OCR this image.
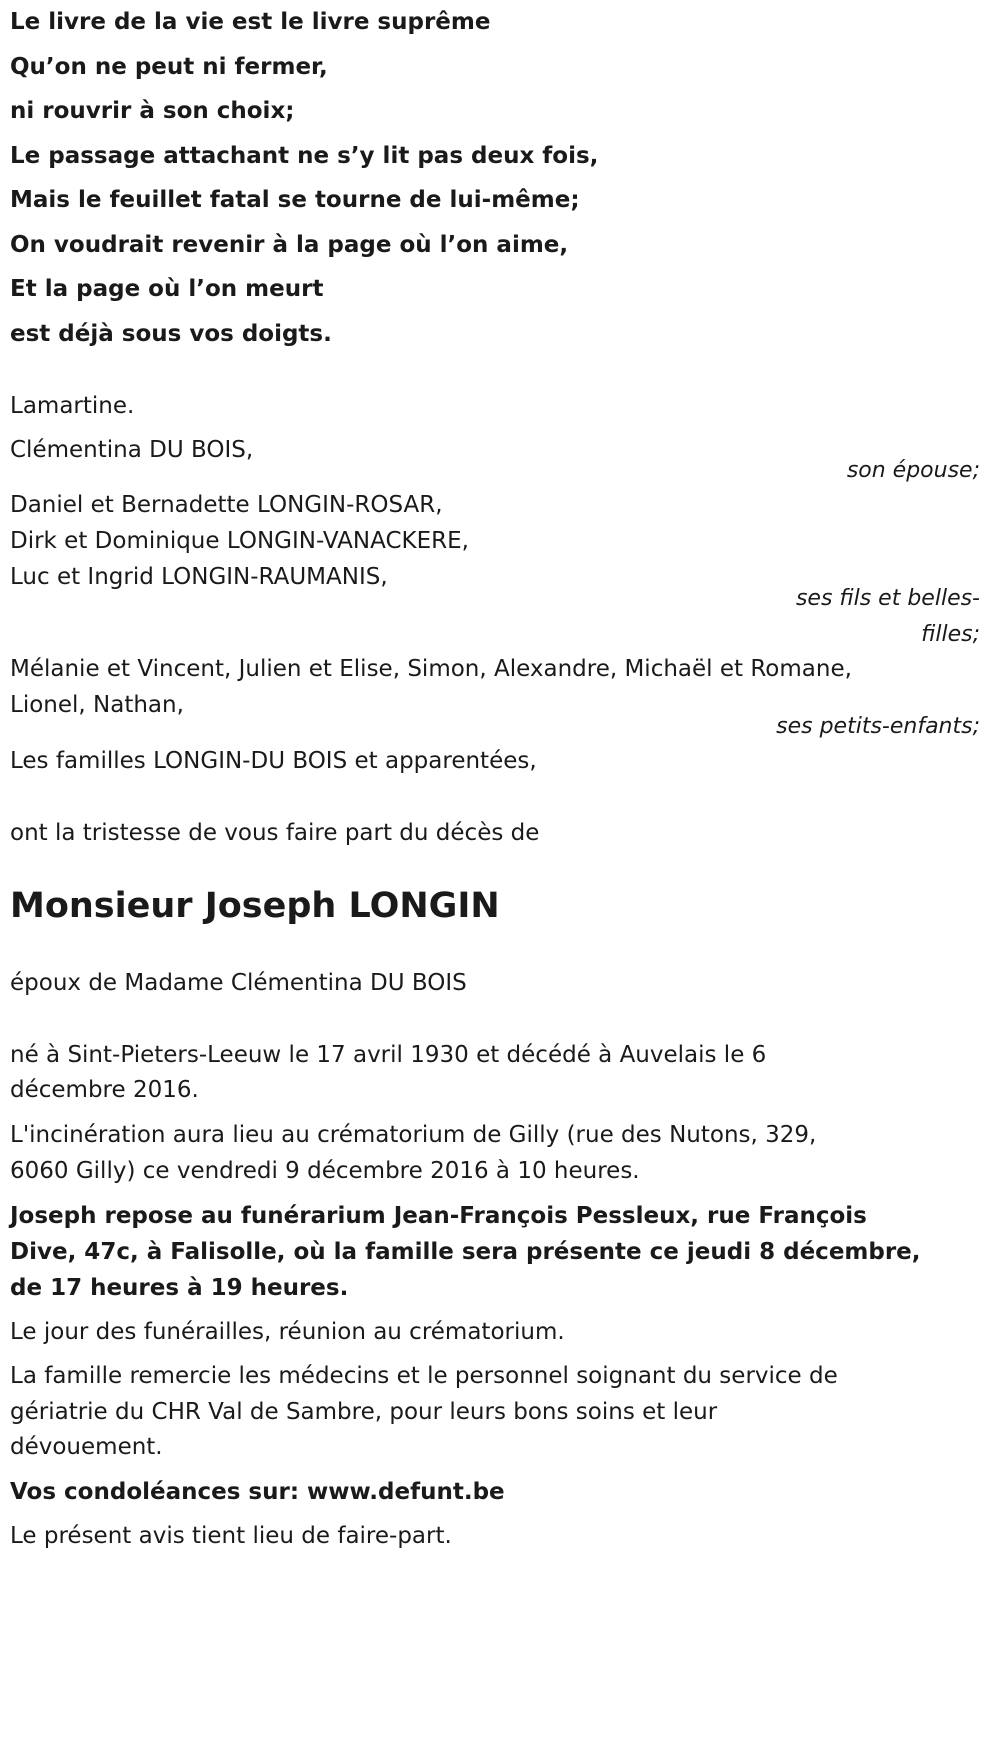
Le livre de la vie est le livre suprême
Qu’on ne peut ni fermer,
ni rouvrir à son choix;
Le passage attachant ne s’y lit pas deux fois,
Mais le feuillet fatal se tourne de lui-même;
On voudrait revenir à la page où l’on aime,
Et la page où l’on meurt
est déjà sous vos doigts.
Lamartine.
Clémentina DU BOIS,
son épouse;
Daniel et Bernadette LONGIN-ROSAR,
Dirk et Dominique LONGIN-VANACKERE,
Luc et Ingrid LONGIN-RAUMANIS,
ses fils et belles-
filles;
Mélanie et Vincent, Julien et Elise, Simon, Alexandre, Michaël et Romane,
Lionel, Nathan,
ses petits-enfants;
Les familles LONGIN-DU BOIS et apparentées,
ont la tristesse de vous faire part du décès de
Monsieur Joseph LONGIN
époux de Madame Clémentina DU BOIS
né à Sint-Pieters-Leeuw le 17 avril 1930 et décédé à Auvelais le 6
décembre 2016.
L'incinération aura lieu au crématorium de Gilly (rue des Nutons, 329,
6060 Gilly) ce vendredi 9 décembre 2016 à 10 heures.
Joseph repose au funérarium Jean-François Pessleux, rue François
Dive, 47c, à Falisolle, où la famille sera présente ce jeudi 8 décembre,
de 17 heures à 19 heures.
Le jour des funérailles, réunion au crématorium.
La famille remercie les médecins et le personnel soignant du service de
gériatrie du CHR Val de Sambre, pour leurs bons soins et leur
dévouement.
Vos condoléances sur: www.defunt.be
Le présent avis tient lieu de faire-part.
